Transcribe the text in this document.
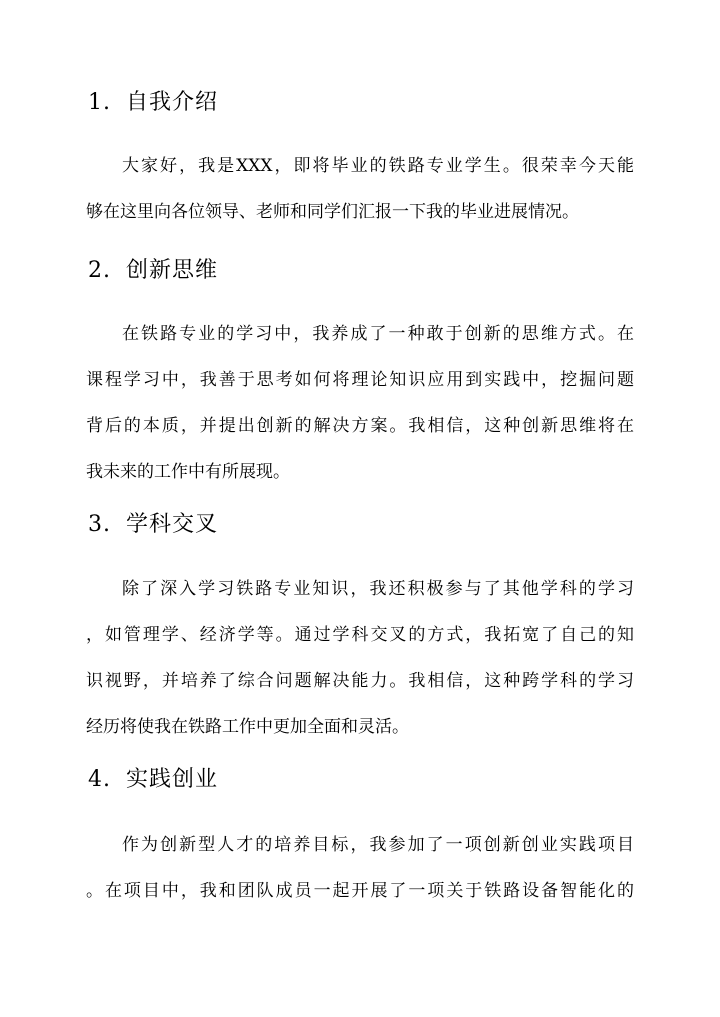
1. 自我介绍
大家好，我是XXX，即将毕业的铁路专业学生。很荣幸今天能
够在这里向各位领导、老师和同学们汇报一下我的毕业进展情况。
2. 创新思维
在铁路专业的学习中，我养成了一种敢于创新的思维方式。在
课程学习中，我善于思考如何将理论知识应用到实践中，挖掘问题
背后的本质，并提出创新的解决方案。我相信，这种创新思维将在
我未来的工作中有所展现。
3. 学科交叉
除了深入学习铁路专业知识，我还积极参与了其他学科的学习
，如管理学、经济学等。通过学科交叉的方式，我拓宽了自己的知
识视野，并培养了综合问题解决能力。我相信，这种跨学科的学习
经历将使我在铁路工作中更加全面和灵活。
4. 实践创业
作为创新型人才的培养目标，我参加了一项创新创业实践项目
。在项目中，我和团队成员一起开展了一项关于铁路设备智能化的
